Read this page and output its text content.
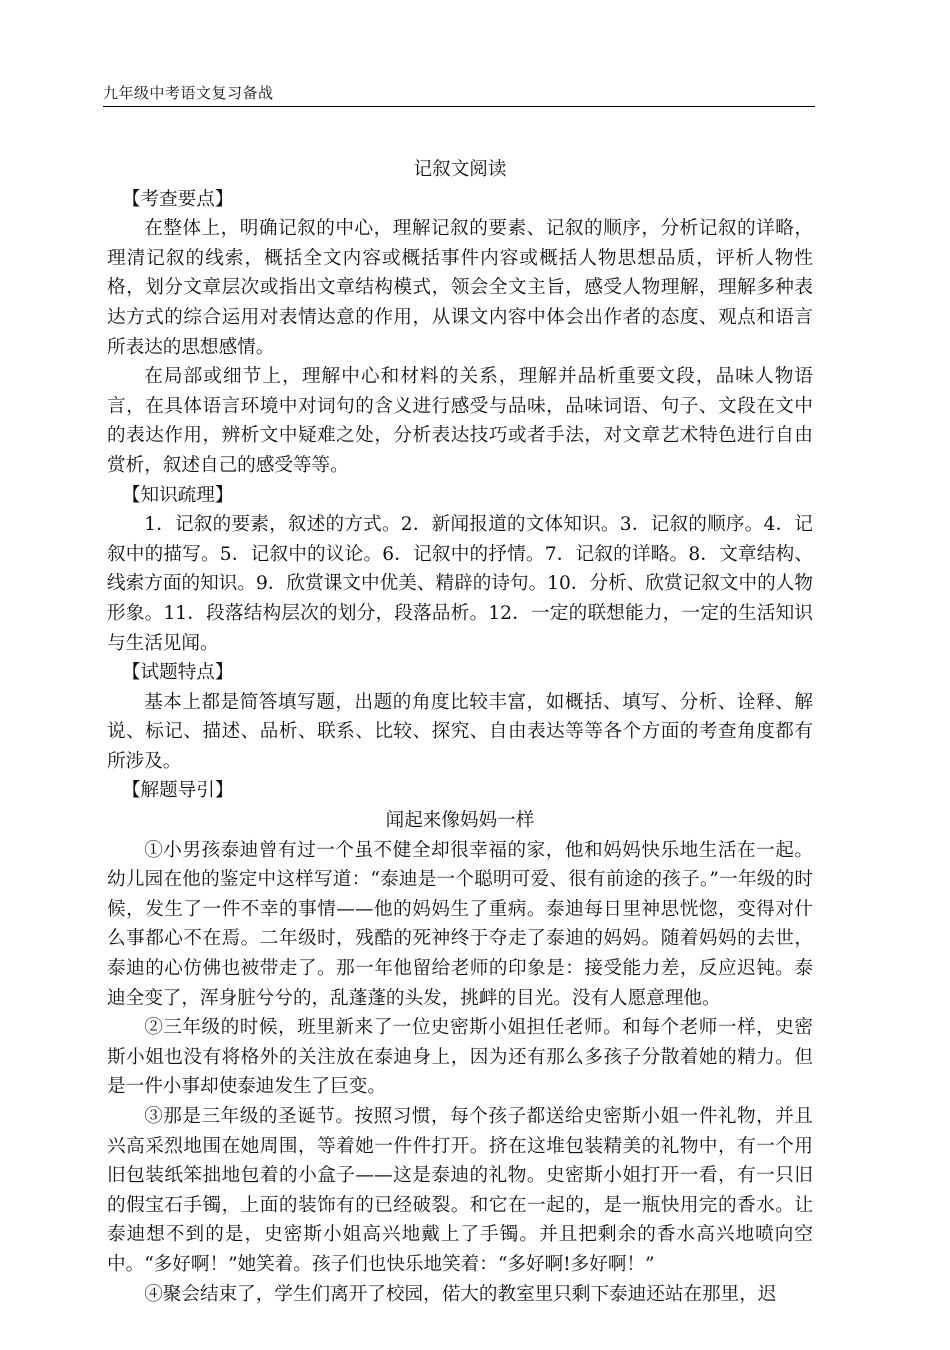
九年级中考语文复习备战

记叙文阅读

【考查要点】

在整体上，明确记叙的中心，理解记叙的要素、记叙的顺序，分析记叙的详略，理清记叙的线索，概括全文内容或概括事件内容或概括人物思想品质，评析人物性格，划分文章层次或指出文章结构模式，领会全文主旨，感受人物理解，理解多种表达方式的综合运用对表情达意的作用，从课文内容中体会出作者的态度、观点和语言所表达的思想感情。

在局部或细节上，理解中心和材料的关系，理解并品析重要文段，品味人物语言，在具体语言环境中对词句的含义进行感受与品味，品味词语、句子、文段在文中的表达作用，辨析文中疑难之处，分析表达技巧或者手法，对文章艺术特色进行自由赏析，叙述自己的感受等等。

【知识疏理】

1．记叙的要素，叙述的方式。2．新闻报道的文体知识。3．记叙的顺序。4．记叙中的描写。5．记叙中的议论。6．记叙中的抒情。7．记叙的详略。8．文章结构、线索方面的知识。9．欣赏课文中优美、精辟的诗句。10．分析、欣赏记叙文中的人物形象。11．段落结构层次的划分，段落品析。12．一定的联想能力，一定的生活知识与生活见闻。

【试题特点】

基本上都是简答填写题，出题的角度比较丰富，如概括、填写、分析、诠释、解说、标记、描述、品析、联系、比较、探究、自由表达等等各个方面的考查角度都有所涉及。

【解题导引】

闻起来像妈妈一样

①小男孩泰迪曾有过一个虽不健全却很幸福的家，他和妈妈快乐地生活在一起。幼儿园在他的鉴定中这样写道：“泰迪是一个聪明可爱、很有前途的孩子。”一年级的时候，发生了一件不幸的事情——他的妈妈生了重病。泰迪每日里神思恍惚，变得对什么事都心不在焉。二年级时，残酷的死神终于夺走了泰迪的妈妈。随着妈妈的去世，泰迪的心仿佛也被带走了。那一年他留给老师的印象是：接受能力差，反应迟钝。泰迪全变了，浑身脏兮兮的，乱蓬蓬的头发，挑衅的目光。没有人愿意理他。

②三年级的时候，班里新来了一位史密斯小姐担任老师。和每个老师一样，史密斯小姐也没有将格外的关注放在泰迪身上，因为还有那么多孩子分散着她的精力。但是一件小事却使泰迪发生了巨变。

③那是三年级的圣诞节。按照习惯，每个孩子都送给史密斯小姐一件礼物，并且兴高采烈地围在她周围，等着她一件件打开。挤在这堆包装精美的礼物中，有一个用旧包装纸笨拙地包着的小盒子——这是泰迪的礼物。史密斯小姐打开一看，有一只旧的假宝石手镯，上面的装饰有的已经破裂。和它在一起的，是一瓶快用完的香水。让泰迪想不到的是，史密斯小姐高兴地戴上了手镯。并且把剩余的香水高兴地喷向空中。“多好啊！”她笑着。孩子们也快乐地笑着：“多好啊!多好啊！”

④聚会结束了，学生们离开了校园，偌大的教室里只剩下泰迪还站在那里，迟
